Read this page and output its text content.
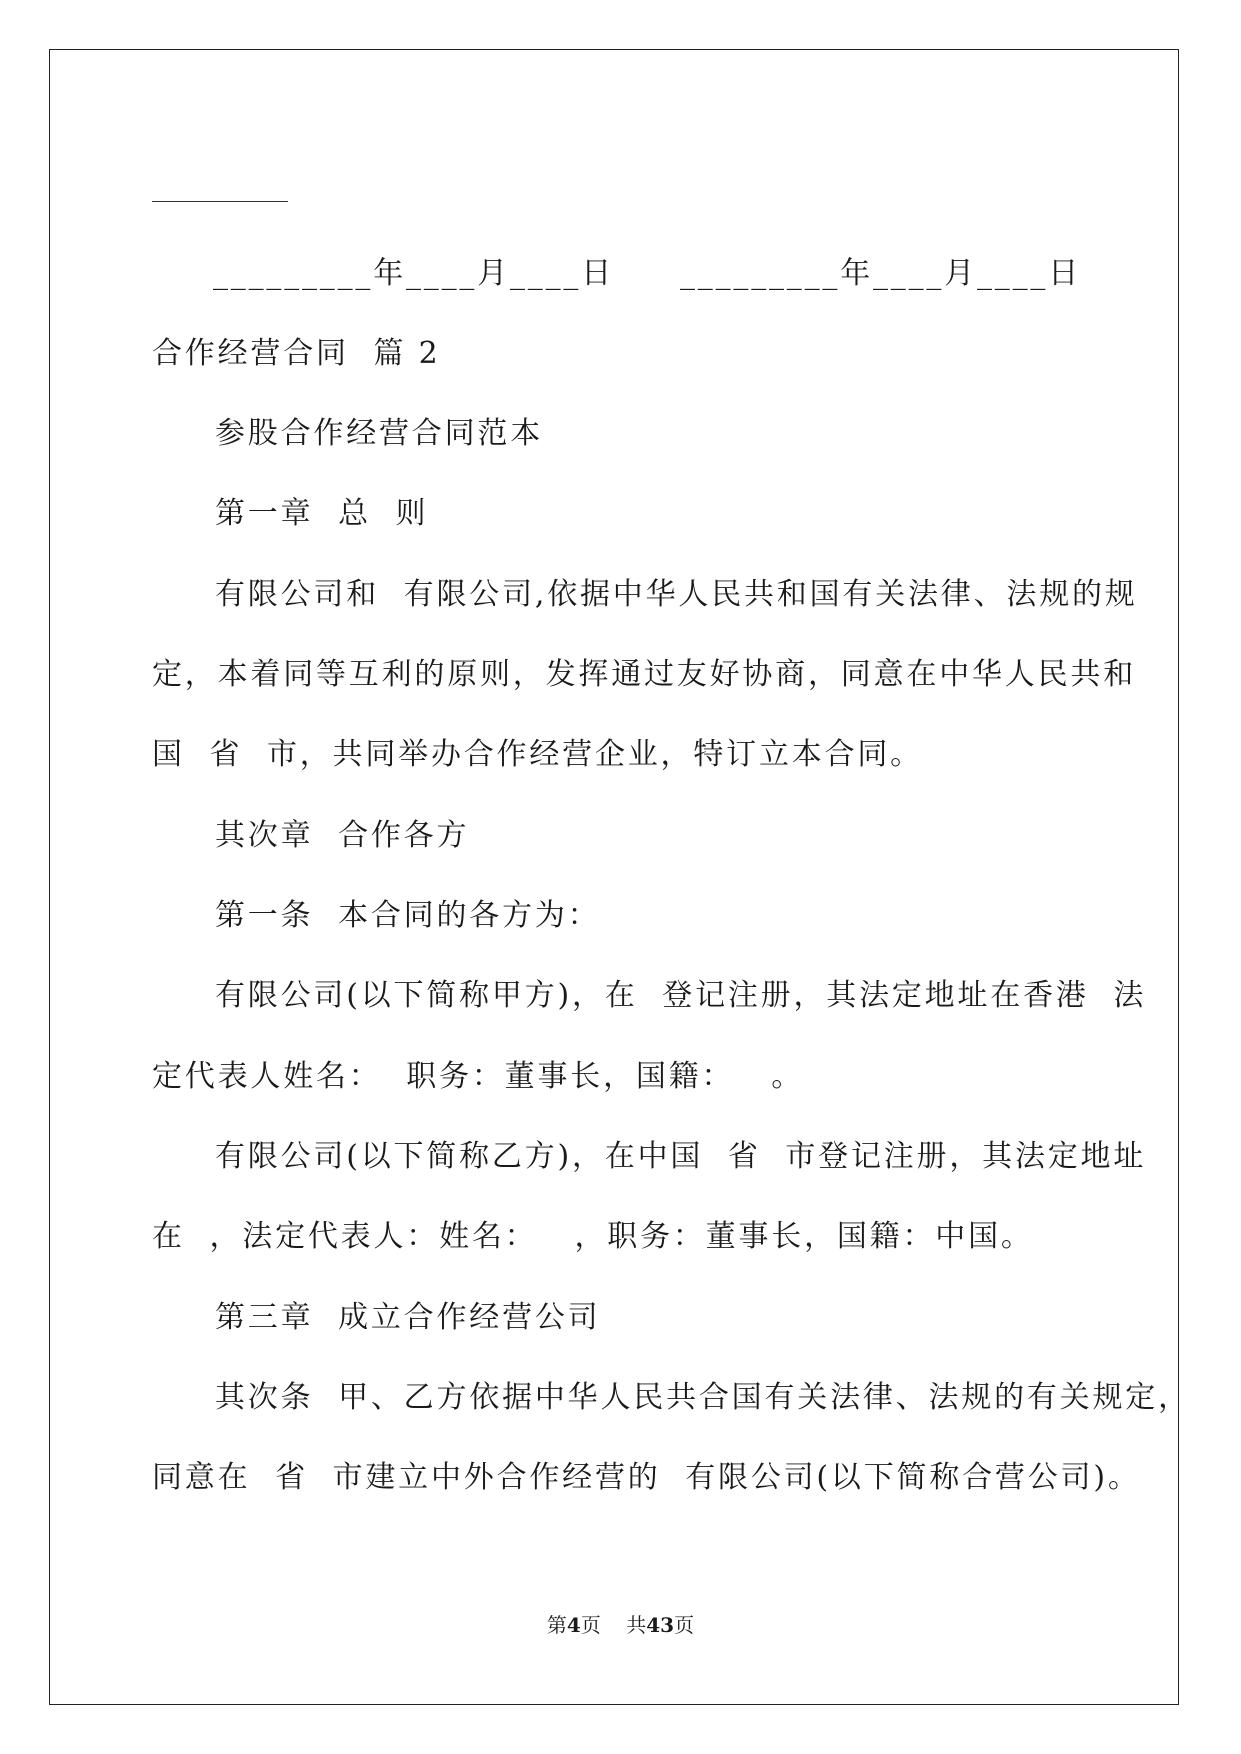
_________年____月____日 _________年____月____日
合作经营合同  篇 2
参股合作经营合同范本
第一章  总  则
有限公司和  有限公司,依据中华人民共和国有关法律、法规的规
定，本着同等互利的原则，发挥通过友好协商，同意在中华人民共和
国  省  市，共同举办合作经营企业，特订立本合同。
其次章  合作各方
第一条  本合同的各方为：
有限公司(以下简称甲方)，在  登记注册，其法定地址在香港  法
定代表人姓名：  职务：董事长，国籍：   。
有限公司(以下简称乙方)，在中国  省  市登记注册，其法定地址
在  ，法定代表人：姓名：   ，职务：董事长，国籍：中国。
第三章  成立合作经营公司
其次条  甲、乙方依据中华人民共合国有关法律、法规的有关规定，
同意在  省  市建立中外合作经营的  有限公司(以下简称合营公司)。
第4页    共43页
